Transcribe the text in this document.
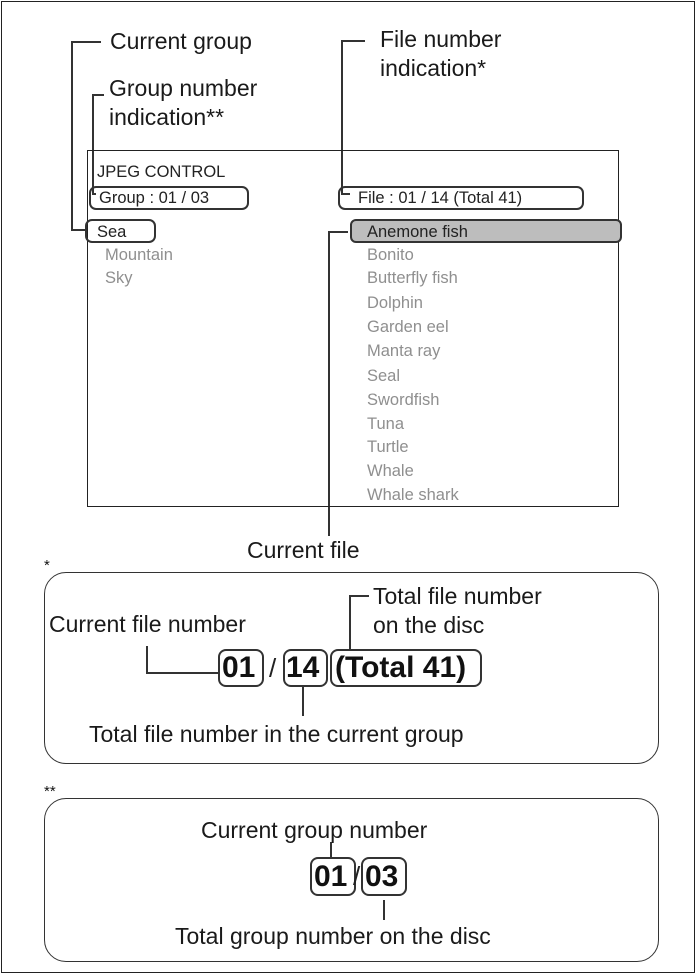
Current group
Group number
indication**
File number
indication*
Current file
JPEG CONTROL
Group : 01 / 03	File : 01 / 14 (Total 41)
Sea
Mountain
Sky
Anemone fish
Bonito
Butterfly fish
Dolphin
Garden eel
Manta ray
Seal
Swordfish
Tuna
Turtle
Whale
Whale shark
*
Current file number
Total file number
on the disc
01 / 14 (Total 41)
Total file number in the current group
**
Current group number
01 / 03
Total group number on the disc
